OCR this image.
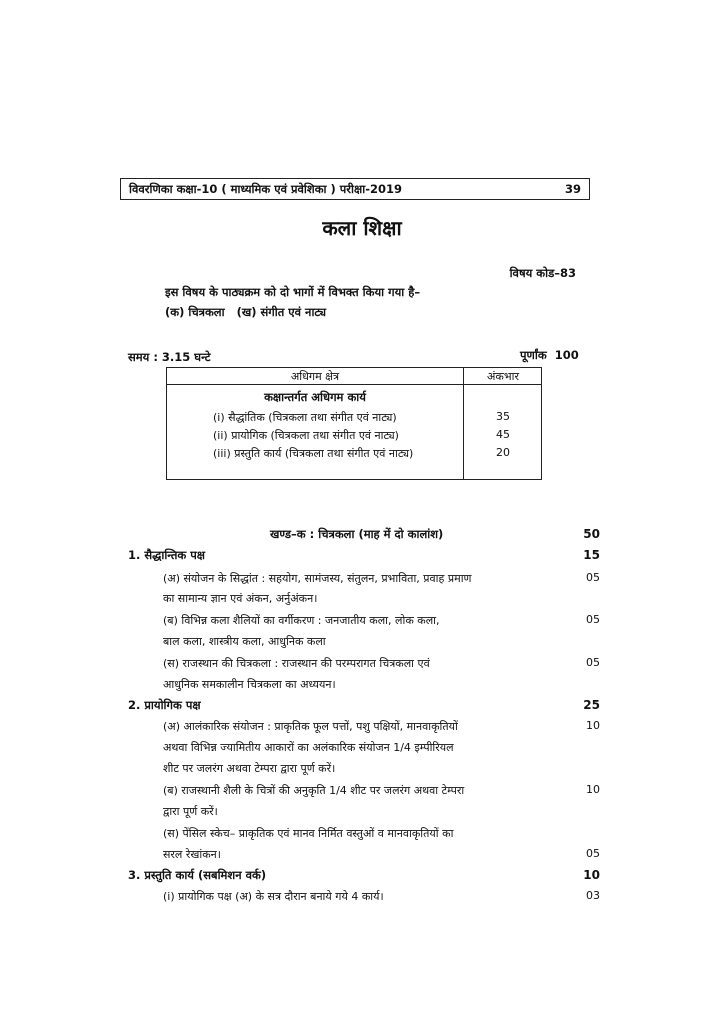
विवरणिका कक्षा-10 ( माध्यमिक एवं प्रवेशिका ) परीक्षा-2019	39
कला शिक्षा
विषय कोड–83
इस विषय के पाठ्यक्रम को दो भागों में विभक्त किया गया है–
(क) चित्रकला   (ख) संगीत एवं नाट्य
समय : 3.15 घन्टे	पूर्णांक 100
अधिगम क्षेत्र	अंकभार
कक्षान्तर्गत अधिगम कार्य
(i) सैद्धांतिक (चित्रकला तथा संगीत एवं नाट्य)	35
(ii) प्रायोगिक (चित्रकला तथा संगीत एवं नाट्य)	45
(iii) प्रस्तुति कार्य (चित्रकला तथा संगीत एवं नाट्य)	20
खण्ड–क : चित्रकला (माह में दो कालांश)	50
1. सैद्धान्तिक पक्ष	15
(अ) संयोजन के सिद्धांत : सहयोग, सामंजस्य, संतुलन, प्रभाविता, प्रवाह प्रमाण
का सामान्य ज्ञान एवं अंकन, अर्नुअंकन।
05
(ब) विभिन्न कला शैलियों का वर्गीकरण : जनजातीय कला, लोक कला,
बाल कला, शास्त्रीय कला, आधुनिक कला
05
(स) राजस्थान की चित्रकला : राजस्थान की परम्परागत चित्रकला एवं
आधुनिक समकालीन चित्रकला का अध्ययन।
05
2. प्रायोगिक पक्ष	25
(अ) आलंकारिक संयोजन : प्राकृतिक फूल पत्तों, पशु पक्षियों, मानवाकृतियों
अथवा विभिन्न ज्यामितीय आकारों का अलंकारिक संयोजन 1/4 इम्पीरियल
शीट पर जलरंग अथवा टेम्परा द्वारा पूर्ण करें।
10
(ब) राजस्थानी शैली के चित्रों की अनुकृति 1/4 शीट पर जलरंग अथवा टेम्परा
द्वारा पूर्ण करें।
10
(स) पेंसिल स्केच– प्राकृतिक एवं मानव निर्मित वस्तुओं व मानवाकृतियों का
सरल रेखांकन।	05
3. प्रस्तुति कार्य (सबमिशन वर्क)	10
(i) प्रायोगिक पक्ष (अ) के सत्र दौरान बनाये गये 4 कार्य।	03
